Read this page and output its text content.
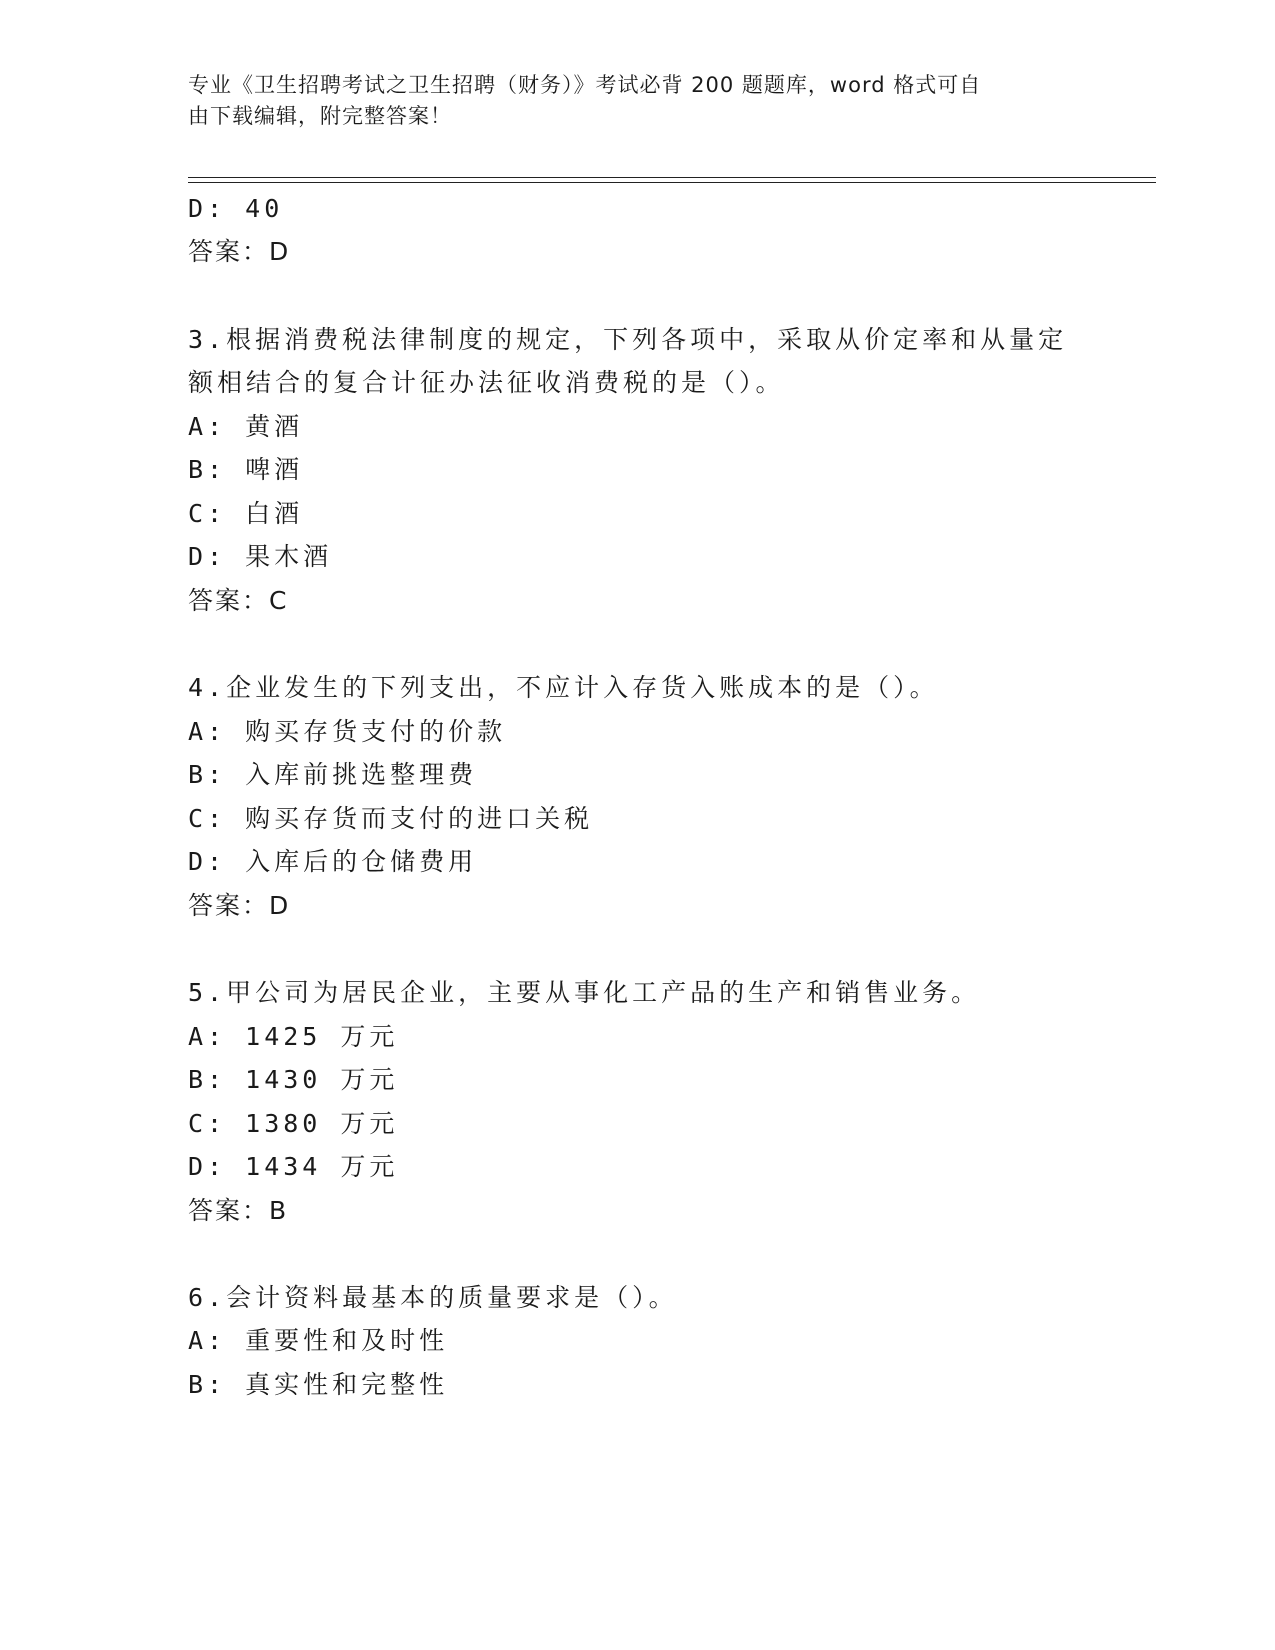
专业《卫生招聘考试之卫生招聘（财务）》考试必背 200 题题库，word 格式可自
由下载编辑，附完整答案！
D: 40
答案：D
3.根据消费税法律制度的规定，下列各项中，采取从价定率和从量定
额相结合的复合计征办法征收消费税的是（）。
A: 黄酒
B: 啤酒
C: 白酒
D: 果木酒
答案：C
4.企业发生的下列支出，不应计入存货入账成本的是（）。
A: 购买存货支付的价款
B: 入库前挑选整理费
C: 购买存货而支付的进口关税
D: 入库后的仓储费用
答案：D
5.甲公司为居民企业，主要从事化工产品的生产和销售业务。
A: 1425 万元
B: 1430 万元
C: 1380 万元
D: 1434 万元
答案：B
6.会计资料最基本的质量要求是（）。
A: 重要性和及时性
B: 真实性和完整性
